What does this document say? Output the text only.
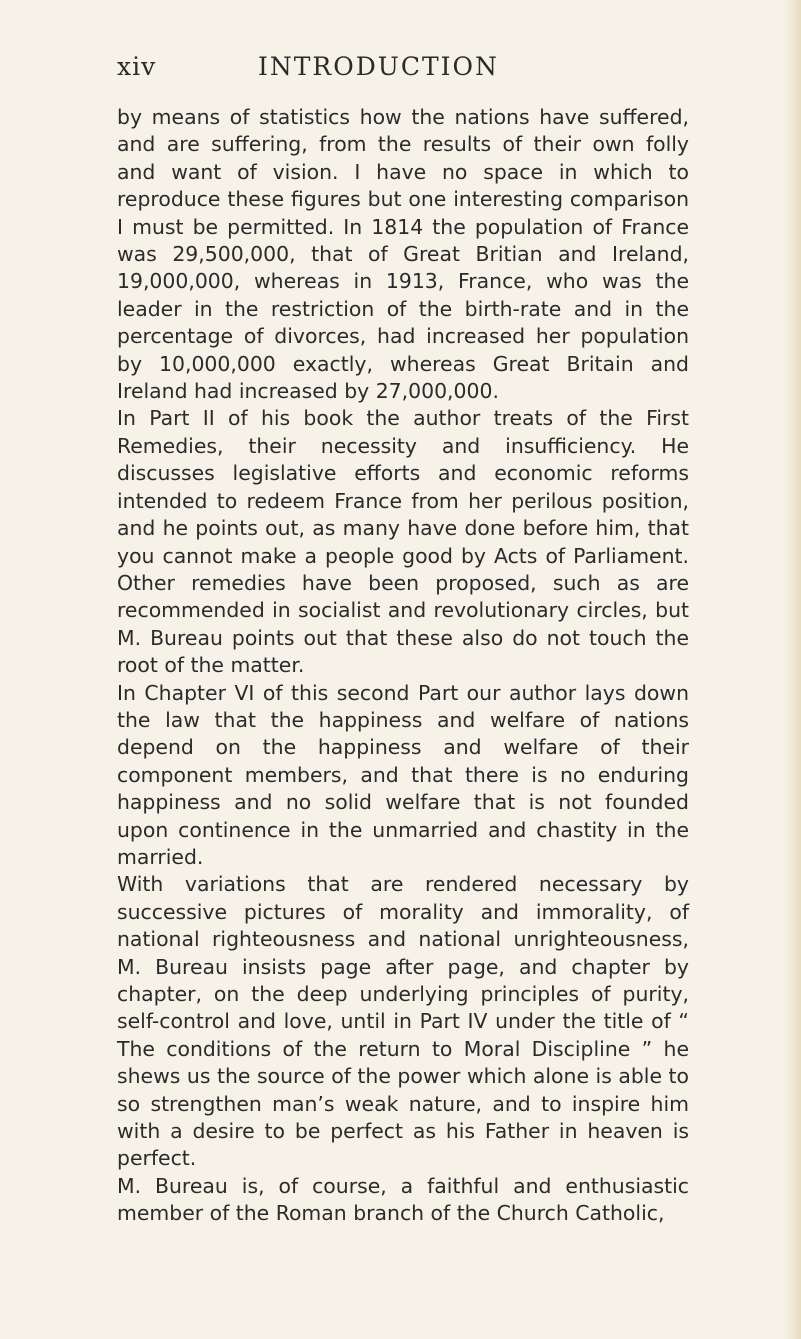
xiv	INTRODUCTION

by means of statistics how the nations have suffered, and are suffering, from the results of their own folly and want of vision. I have no space in which to reproduce these figures but one interesting comparison I must be permitted. In 1814 the population of France was 29,500,000, that of Great Britian and Ireland, 19,000,000, whereas in 1913, France, who was the leader in the restriction of the birth-rate and in the percentage of divorces, had increased her population by 10,000,000 exactly, whereas Great Britain and Ireland had increased by 27,000,000.

In Part II of his book the author treats of the First Remedies, their necessity and insufficiency. He discusses legislative efforts and economic reforms intended to redeem France from her perilous position, and he points out, as many have done before him, that you cannot make a people good by Acts of Parliament. Other remedies have been proposed, such as are recommended in socialist and revolutionary circles, but M. Bureau points out that these also do not touch the root of the matter.

In Chapter VI of this second Part our author lays down the law that the happiness and welfare of nations depend on the happiness and welfare of their component members, and that there is no enduring happiness and no solid welfare that is not founded upon continence in the unmarried and chastity in the married.

With variations that are rendered necessary by successive pictures of morality and immorality, of national righteousness and national unrighteousness, M. Bureau insists page after page, and chapter by chapter, on the deep underlying principles of purity, self-control and love, until in Part IV under the title of “ The conditions of the return to Moral Discipline ” he shews us the source of the power which alone is able to so strengthen man’s weak nature, and to inspire him with a desire to be perfect as his Father in heaven is perfect.

M. Bureau is, of course, a faithful and enthusiastic member of the Roman branch of the Church Catholic,
